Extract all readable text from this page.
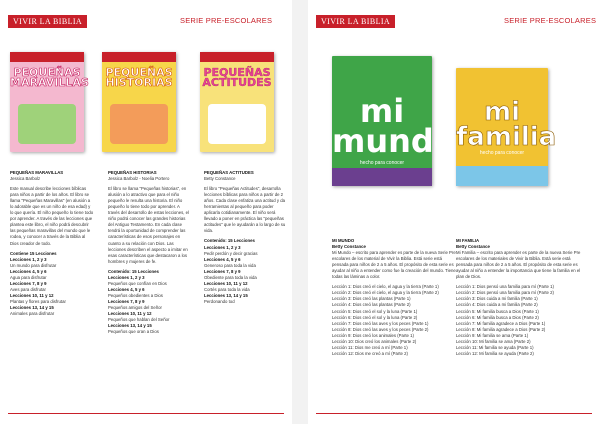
VIVIR LA BIBLIA	SERIE PRE-ESCOLARES
PEQUEÑAS MARAVILLAS
PEQUEÑAS HISTORIAS
PEQUEÑAS ACTITUDES

PEQUEÑAS MARAVILLAS
Jessica Barbolz

Este manual describe lecciones bíblicas para niños a partir de los años. El libro se llama "Pequeñas Maravillas" (en alusión a lo adorable que es un niño de esa edad) y lo que quería. El niño pequeño lo tiene todo por aprender. A través de las lecciones que plantea este libro, el niño podrá descubrir las pequeñas maravillas del mundo que le rodea, y conocer a través de la Biblia al Dios creador de todo.

Contiene 15 Lecciones
Lecciones 1, 2 y 3
Un mundo para disfrutar
Lecciones 4, 5 y 6
Agua para disfrutar
Lecciones 7, 8 y 9
Aves para disfrutar
Lecciones 10, 11 y 12
Plantas y flores para disfrutar
Lecciones 13, 14 y 15
Animales para disfrutar

PEQUEÑAS HISTORIAS
Jessica Barbolz - Noelia Portero

El libro se llama "Pequeñas historias", en alusión a lo atractivo que para el niño pequeño le resulta una historia. El niño pequeño lo tiene todo por aprender. A través del desarrollo de estas lecciones, el niño podrá conocer las grandes historias del Antiguo Testamento. En cada clase tendrá la oportunidad de comprender las características de esos personajes en cuanto a su relación con Dios. Las lecciones describen el aspecto a imitar en esas características que destacaron a los hombres y mujeres de fe.

Contenido: 15 Lecciones
Lecciones 1, 2 y 3
Pequeños que confían en Dios
Lecciones 4, 5 y 6
Pequeños obedientes a Dios
Lecciones 7, 8 y 9
Pequeños amigos del Señor
Lecciones 10, 11 y 12
Pequeños que hablan del Señor
Lecciones 13, 14 y 15
Pequeños que oran a Dios

PEQUEÑAS ACTITUDES
Betty Constance

El libro "Pequeñas Actitudes", desarrolla lecciones bíblicas para niños a partir de 2 años. Cada clase enfatiza una actitud y da herramientas al pequeño para poder aplicarla cotidianamente. El niño será llevado a poner en práctica las "pequeñas actitudes" que le ayudarán a lo largo de su vida.

Contenido: 15 Lecciones
Lecciones 1, 2 y 3
Pedir perdón y decir gracias
Lecciones 4, 5 y 6
Generoso para toda la vida
Lecciones 7, 8 y 9
Obediente para toda la vida
Lecciones 10, 11 y 12
Cortés para toda la vida
Lecciones 13, 14 y 15
Perdonando tod

VIVIR LA BIBLIA	SERIE PRE-ESCOLARES
mi mundo
hecho para conocer
mi familia
hecho para conocer

MI MUNDO
Betty Constance
Mi Mundo – escrito para aprender es parte de la nueva Serie Pre escolares de los material de Vivir la Biblia. Está serie está pensada para niños de 2 a 5 años. El propósito de esta serie es ayudar al niño a entender como fue la creación del mundo. Tiene todas las láminas a color.

Lección 1: Dios creó el cielo, el agua y la tierra (Parte 1)
Lección 2: Dios creó el cielo, el agua y la tierra (Parte 2)
Lección 3: Dios creó las plantas (Parte 1)
Lección 4: Dios creó las plantas (Parte 2)
Lección 5: Dios creó el sol y la luna (Parte 1)
Lección 6: Dios creó el sol y la luna (Parte 2)
Lección 7: Dios creó las aves y los peces (Parte 1)
Lección 8: Dios creó las aves y los peces (Parte 2)
Lección 9: Dios creó los animales (Parte 1)
Lección 10: Dios creó los animales (Parte 2)
Lección 11: Dios me creó a mí (Parte 1)
Lección 12: Dios me creó a mí (Parte 2)

MI FAMILIA
Betty Constance
Mi Familia – escrito para aprender es parte de la nueva Serie Pre escolares de los materiales de Vivir la Biblia. Está serie está pensada para niños de 2 a 5 años. El propósito de esta serie es ayudar al niño a entender la importancia que tiene la familia en el plan de Dios.

Lección 1: Dios pensó una familia para mí (Parte 1)
Lección 2: Dios pensó una familia para mí (Parte 2)
Lección 3: Dios cuida a mi familia (Parte 1)
Lección 4: Dios cuida a mi familia (Parte 2)
Lección 5: Mi familia busca a Dios (Parte 1)
Lección 6: Mi familia busca a Dios (Parte 2)
Lección 7: Mi familia agradece a Dios (Parte 1)
Lección 8: Mi familia agradece a Dios (Parte 2)
Lección 9: Mi familia se ama (Parte 1)
Lección 10: Mi familia se ama (Parte 2)
Lección 11: Mi familia se ayuda (Parte 1)
Lección 12: Mi familia se ayuda (Parte 2)
